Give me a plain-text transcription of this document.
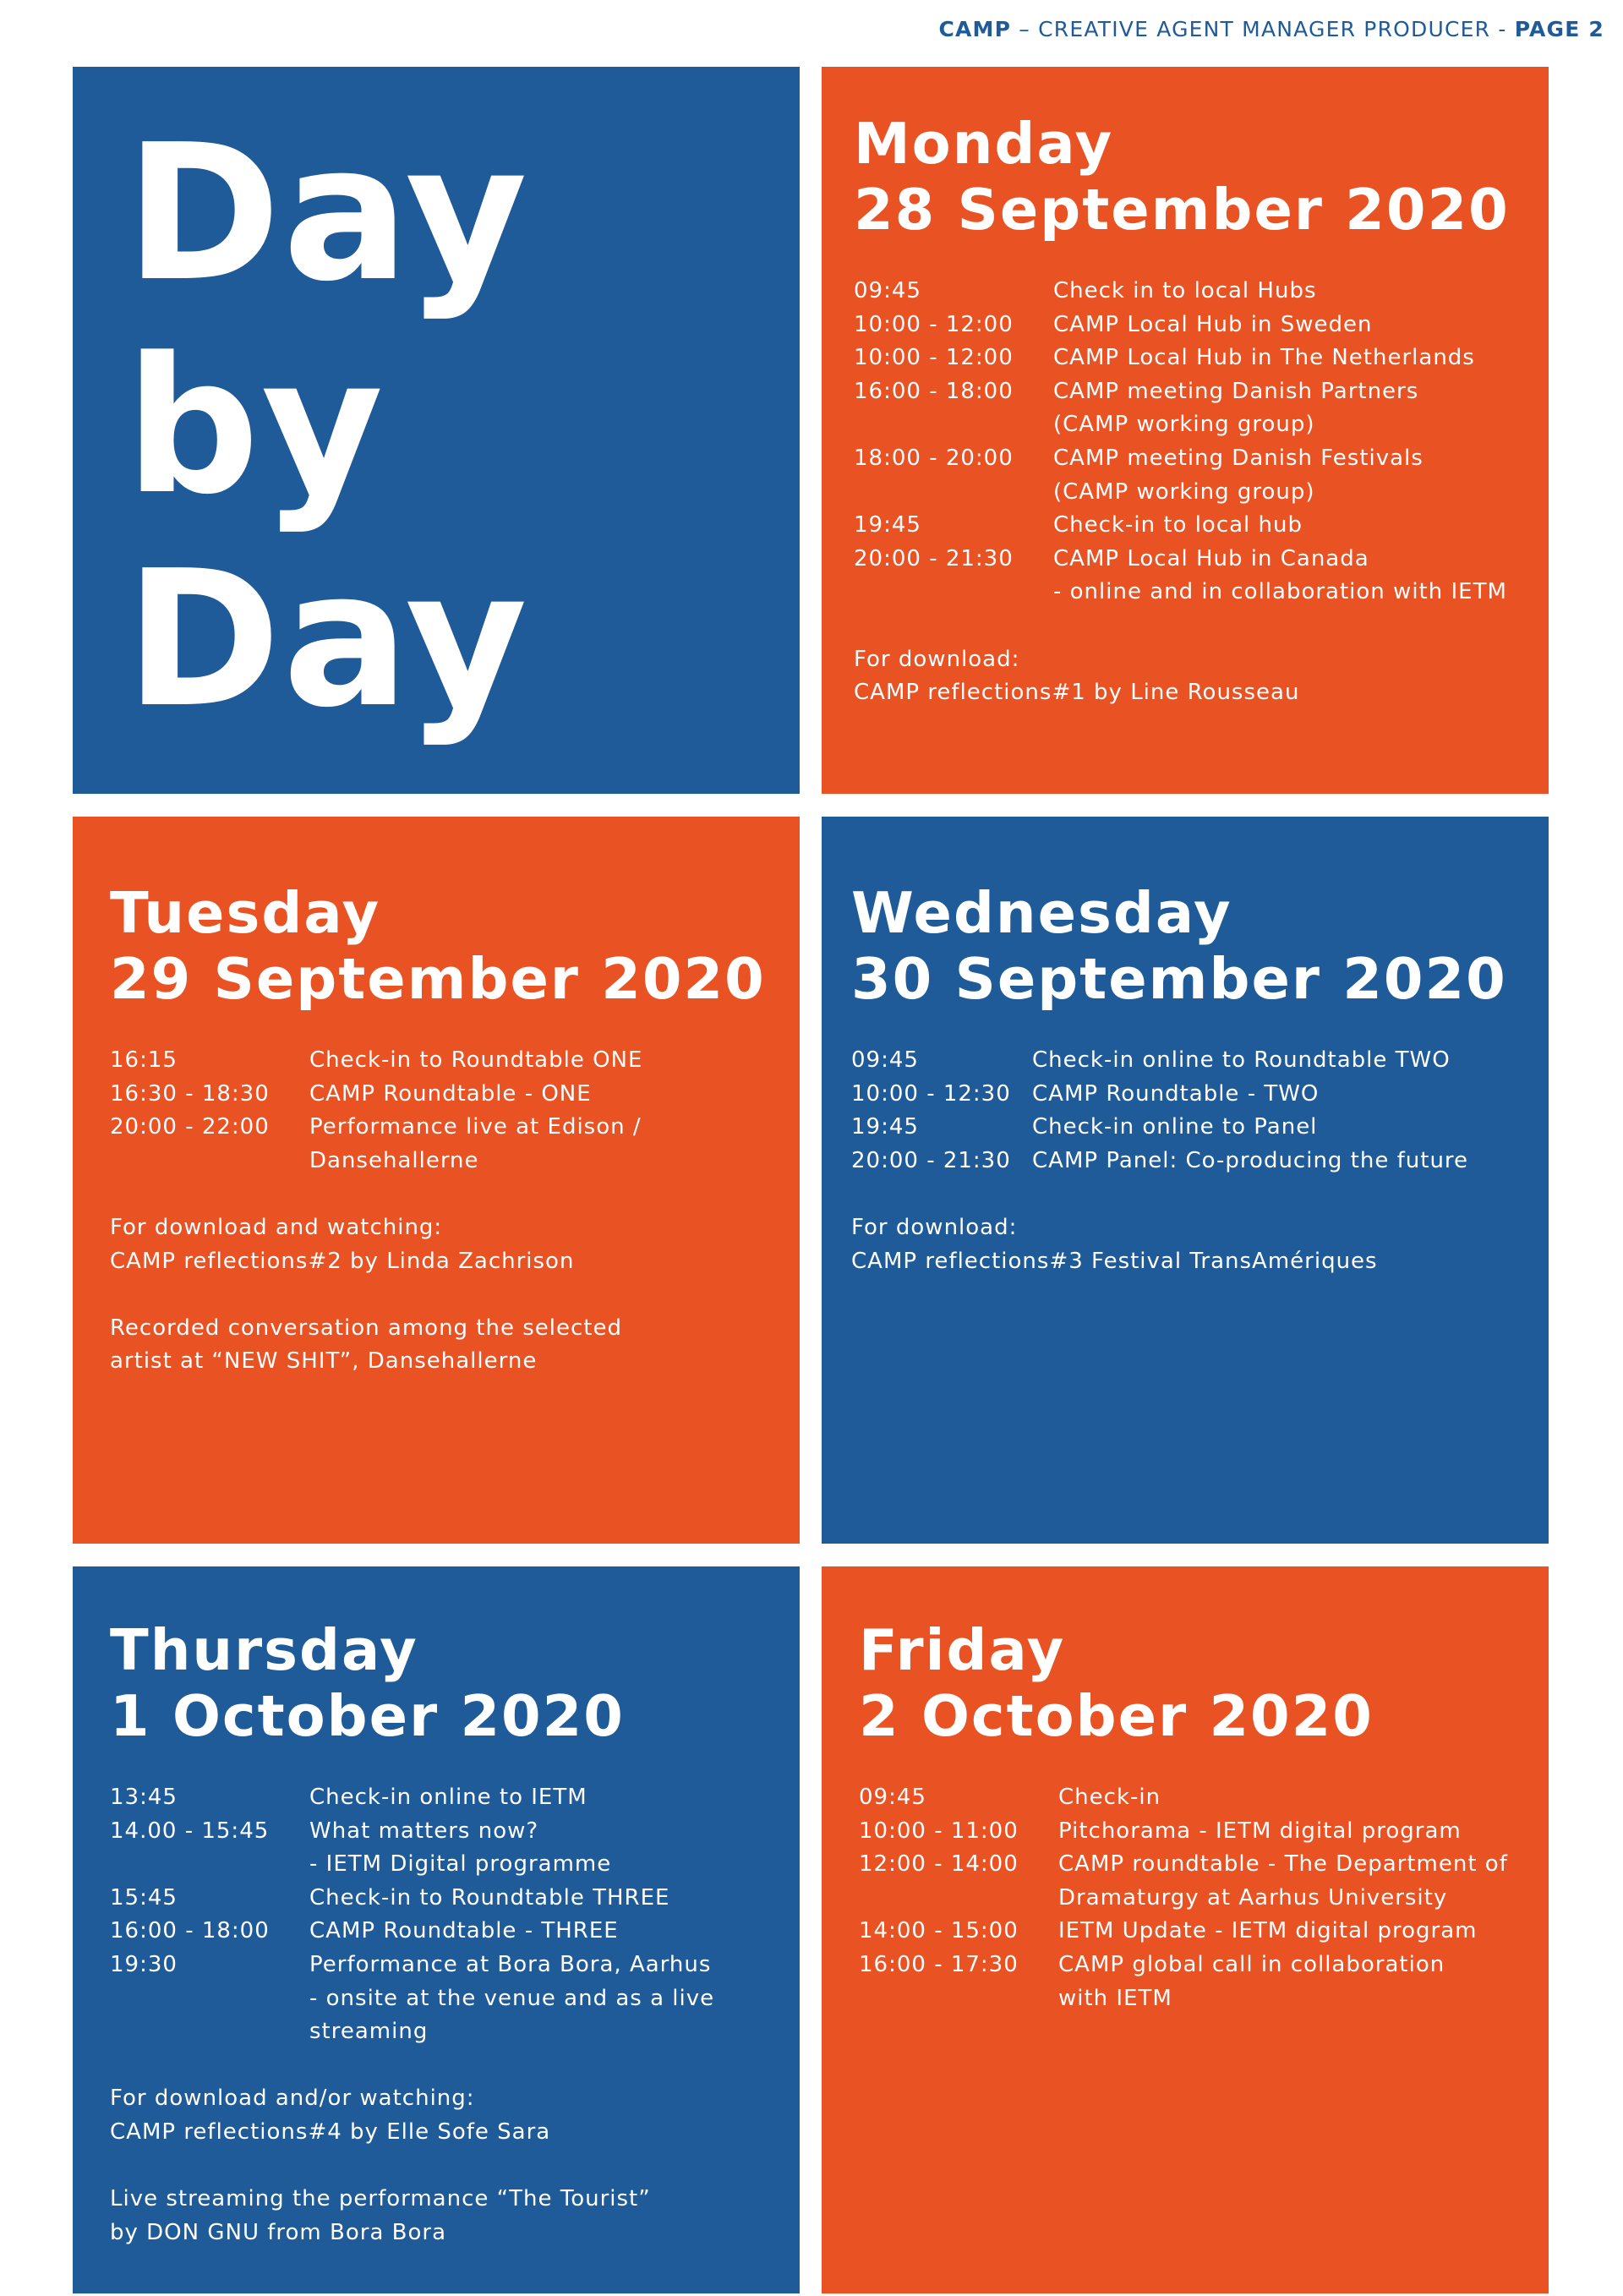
CAMP – CREATIVE AGENT MANAGER PRODUCER - PAGE 2
Day
by
Day
Monday
28 September 2020
09:45	Check in to local Hubs
10:00 - 12:00	CAMP Local Hub in Sweden
10:00 - 12:00	CAMP Local Hub in The Netherlands
16:00 - 18:00	CAMP meeting Danish Partners
(CAMP working group)
18:00 - 20:00	CAMP meeting Danish Festivals
(CAMP working group)
19:45	Check-in to local hub
20:00 - 21:30	CAMP Local Hub in Canada
- online and in collaboration with IETM
For download:
CAMP reflections#1 by Line Rousseau
Tuesday
29 September 2020
16:15	Check-in to Roundtable ONE
16:30 - 18:30	CAMP Roundtable - ONE
20:00 - 22:00	Performance live at Edison /
Dansehallerne
For download and watching:
CAMP reflections#2 by Linda Zachrison
Recorded conversation among the selected
artist at “NEW SHIT”, Dansehallerne
Wednesday
30 September 2020
09:45	Check-in online to Roundtable TWO
10:00 - 12:30 CAMP Roundtable - TWO
19:45	Check-in online to Panel
20:00 - 21:30 CAMP Panel: Co-producing the future
For download:
CAMP reflections#3 Festival TransAmériques
Thursday
1 October 2020
13:45	Check-in online to IETM
14.00 - 15:45	What matters now?
- IETM Digital programme
15:45	Check-in to Roundtable THREE
16:00 - 18:00	CAMP Roundtable - THREE
19:30	Performance at Bora Bora, Aarhus
- onsite at the venue and as a live
streaming
For download and/or watching:
CAMP reflections#4 by Elle Sofe Sara
Live streaming the performance “The Tourist”
by DON GNU from Bora Bora
Friday
2 October 2020
09:45	Check-in
10:00 - 11:00	Pitchorama - IETM digital program
12:00 - 14:00	CAMP roundtable - The Department of
Dramaturgy at Aarhus University
14:00 - 15:00	IETM Update - IETM digital program
16:00 - 17:30	CAMP global call in collaboration
with IETM
